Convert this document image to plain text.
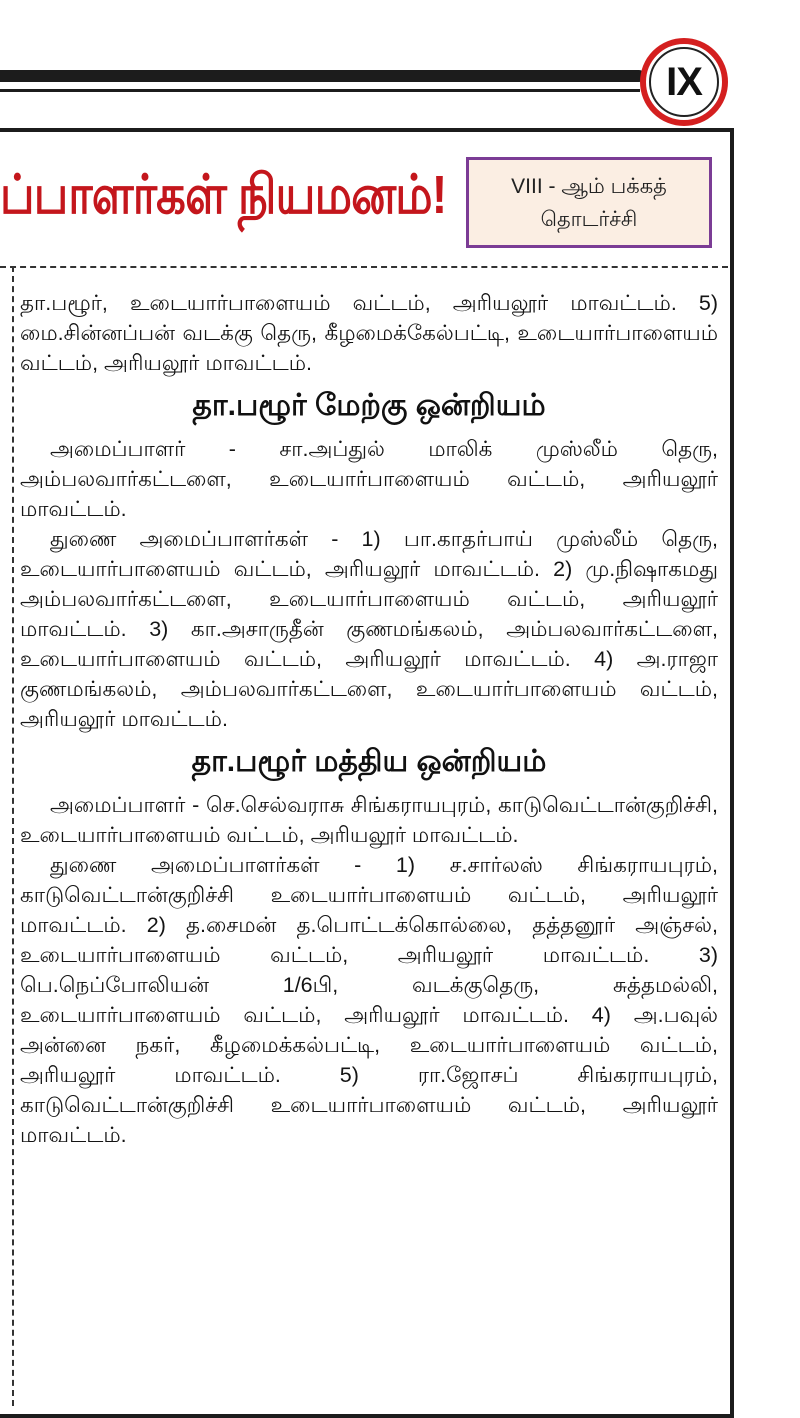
IX
ப்பாளர்கள் நியமனம்!	VIII - ஆம் பக்கத்
தொடர்ச்சி

தா.பழூர், உடையார்பாளையம் வட்டம், அரியலூர் மாவட்டம். 5) மை.சின்னப்பன் வடக்கு தெரு, கீழமைக்கேல்பட்டி, உடையார்பாளையம் வட்டம், அரியலூர் மாவட்டம்.

தா.பழூர் மேற்கு ஒன்றியம்

அமைப்பாளர் - சா.அப்துல் மாலிக் முஸ்லீம் தெரு, அம்பலவார்கட்டளை, உடையார்பாளையம் வட்டம், அரியலூர் மாவட்டம்.

துணை அமைப்பாளர்கள் - 1) பா.காதர்பாய் முஸ்லீம் தெரு, உடையார்பாளையம் வட்டம், அரியலூர் மாவட்டம். 2) மு.நிஷாகமது அம்பலவார்கட்டளை, உடையார்பாளையம் வட்டம், அரியலூர் மாவட்டம். 3) கா.அசாருதீன் குணமங்கலம், அம்பலவார்கட்டளை, உடையார்பாளையம் வட்டம், அரியலூர் மாவட்டம். 4) அ.ராஜா குணமங்கலம், அம்பலவார்கட்டளை, உடையார்பாளையம் வட்டம், அரியலூர் மாவட்டம்.

தா.பழூர் மத்திய ஒன்றியம்

அமைப்பாளர் - செ.செல்வராசு சிங்கராயபுரம், காடுவெட்டான்குறிச்சி, உடையார்பாளையம் வட்டம், அரியலூர் மாவட்டம்.

துணை அமைப்பாளர்கள் - 1) ச.சார்லஸ் சிங்கராயபுரம், காடுவெட்டான்குறிச்சி உடையார்பாளையம் வட்டம், அரியலூர் மாவட்டம். 2) த.சைமன் த.பொட்டக்கொல்லை, தத்தனூர் அஞ்சல், உடையார்பாளையம் வட்டம், அரியலூர் மாவட்டம். 3) பெ.நெப்போலியன் 1/6பி, வடக்குதெரு, சுத்தமல்லி, உடையார்பாளையம் வட்டம், அரியலூர் மாவட்டம். 4) அ.பவுல் அன்னை நகர், கீழமைக்கல்பட்டி, உடையார்பாளையம் வட்டம், அரியலூர் மாவட்டம். 5) ரா.ஜோசப் சிங்கராயபுரம், காடுவெட்டான்குறிச்சி உடையார்பாளையம் வட்டம், அரியலூர் மாவட்டம்.
